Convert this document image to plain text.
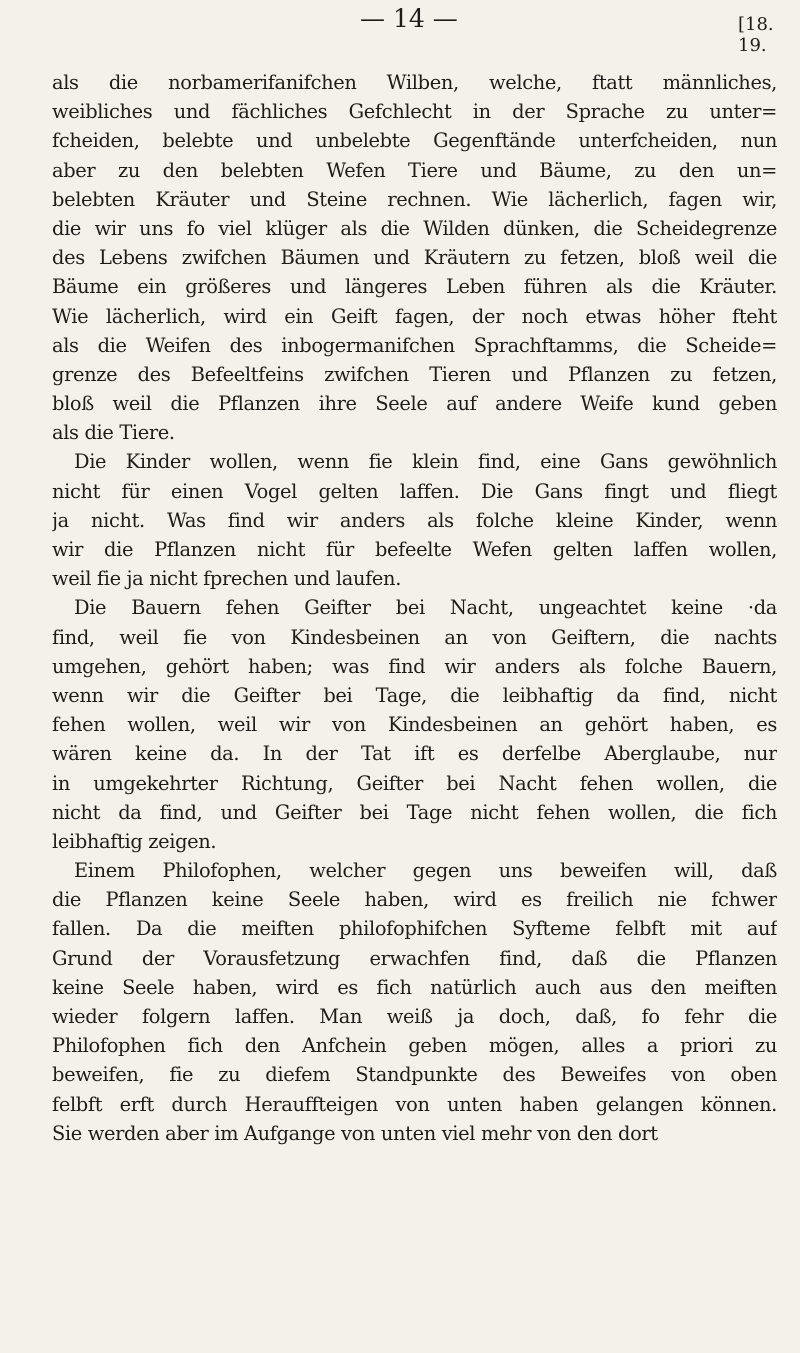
— 14 —	[18. 19.
als die norbamerifanifchen Wilben, welche, ftatt männliches,
weibliches und fächliches Gefchlecht in der Sprache zu unter=
fcheiden, belebte und unbelebte Gegenftände unterfcheiden, nun
aber zu den belebten Wefen Tiere und Bäume, zu den un=
belebten Kräuter und Steine rechnen. Wie lächerlich, fagen wir,
die wir uns fo viel klüger als die Wilden dünken, die Scheidegrenze
des Lebens zwifchen Bäumen und Kräutern zu fetzen, bloß weil die
Bäume ein größeres und längeres Leben führen als die Kräuter.
Wie lächerlich, wird ein Geift fagen, der noch etwas höher fteht
als die Weifen des inbogermanifchen Sprachftamms, die Scheide=
grenze des Befeeltfeins zwifchen Tieren und Pflanzen zu fetzen,
bloß weil die Pflanzen ihre Seele auf andere Weife kund geben
als die Tiere.
Die Kinder wollen, wenn fie klein find, eine Gans gewöhnlich
nicht für einen Vogel gelten laffen. Die Gans fingt und fliegt
ja nicht. Was find wir anders als folche kleine Kinder, wenn
wir die Pflanzen nicht für befeelte Wefen gelten laffen wollen,
weil fie ja nicht fprechen und laufen.
Die Bauern fehen Geifter bei Nacht, ungeachtet keine ·da
find, weil fie von Kindesbeinen an von Geiftern, die nachts
umgehen, gehört haben; was find wir anders als folche Bauern,
wenn wir die Geifter bei Tage, die leibhaftig da find, nicht
fehen wollen, weil wir von Kindesbeinen an gehört haben, es
wären keine da. In der Tat ift es derfelbe Aberglaube, nur
in umgekehrter Richtung, Geifter bei Nacht fehen wollen, die
nicht da find, und Geifter bei Tage nicht fehen wollen, die fich
leibhaftig zeigen.
Einem Philofophen, welcher gegen uns beweifen will, daß
die Pflanzen keine Seele haben, wird es freilich nie fchwer
fallen. Da die meiften philofophifchen Syfteme felbft mit auf
Grund der Vorausfetzung erwachfen find, daß die Pflanzen
keine Seele haben, wird es fich natürlich auch aus den meiften
wieder folgern laffen. Man weiß ja doch, daß, fo fehr die
Philofophen fich den Anfchein geben mögen, alles a priori zu
beweifen, fie zu diefem Standpunkte des Beweifes von oben
felbft erft durch Herauffteigen von unten haben gelangen können.
Sie werden aber im Aufgange von unten viel mehr von den dort
